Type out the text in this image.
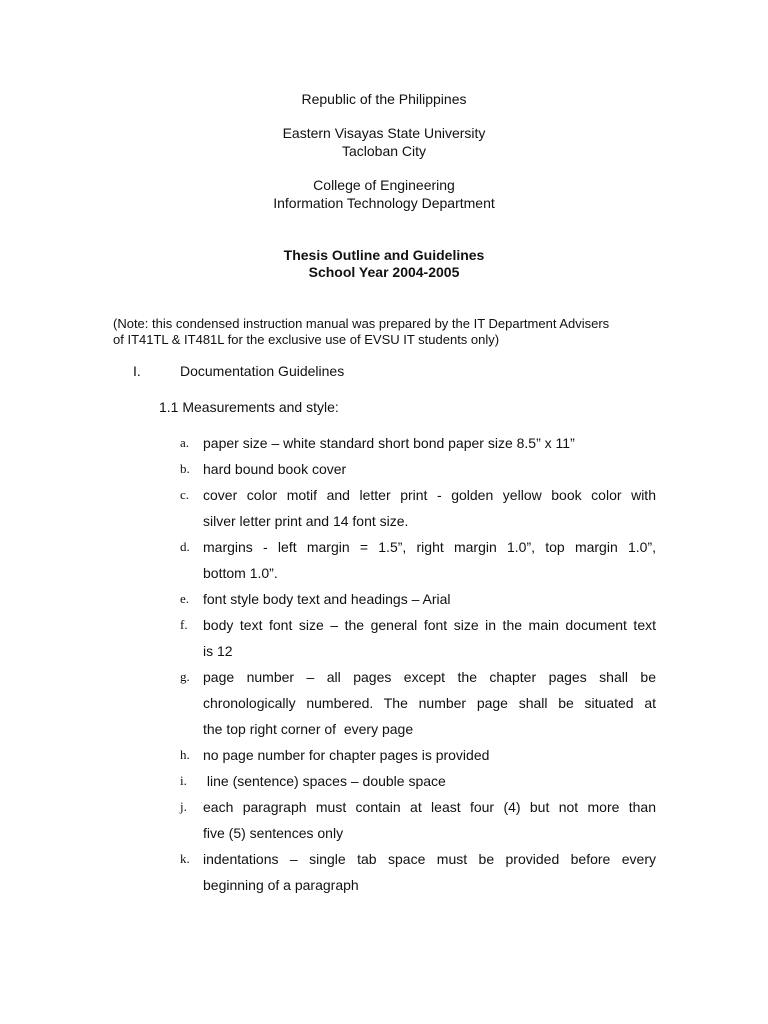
Republic of the Philippines
Eastern Visayas State University
Tacloban City
College of Engineering
Information Technology Department
Thesis Outline and Guidelines
School Year 2004-2005
(Note: this condensed instruction manual was prepared by the IT Department Advisers
of IT41TL & IT481L for the exclusive use of EVSU IT students only)
I.	Documentation Guidelines
1.1 Measurements and style:
a. paper size – white standard short bond paper size 8.5” x 11”
b. hard bound book cover
c. cover color motif and letter print - golden yellow book color with
silver letter print and 14 font size.
d. margins - left margin = 1.5”, right margin 1.0”, top margin 1.0”,
bottom 1.0”.
e. font style body text and headings – Arial
f. body text font size – the general font size in the main document text
is 12
g. page number – all pages except the chapter pages shall be
chronologically numbered. The number page shall be situated at
the top right corner of  every page
h. no page number for chapter pages is provided
i. line (sentence) spaces – double space
j. each paragraph must contain at least four (4) but not more than
five (5) sentences only
k. indentations – single tab space must be provided before every
beginning of a paragraph
